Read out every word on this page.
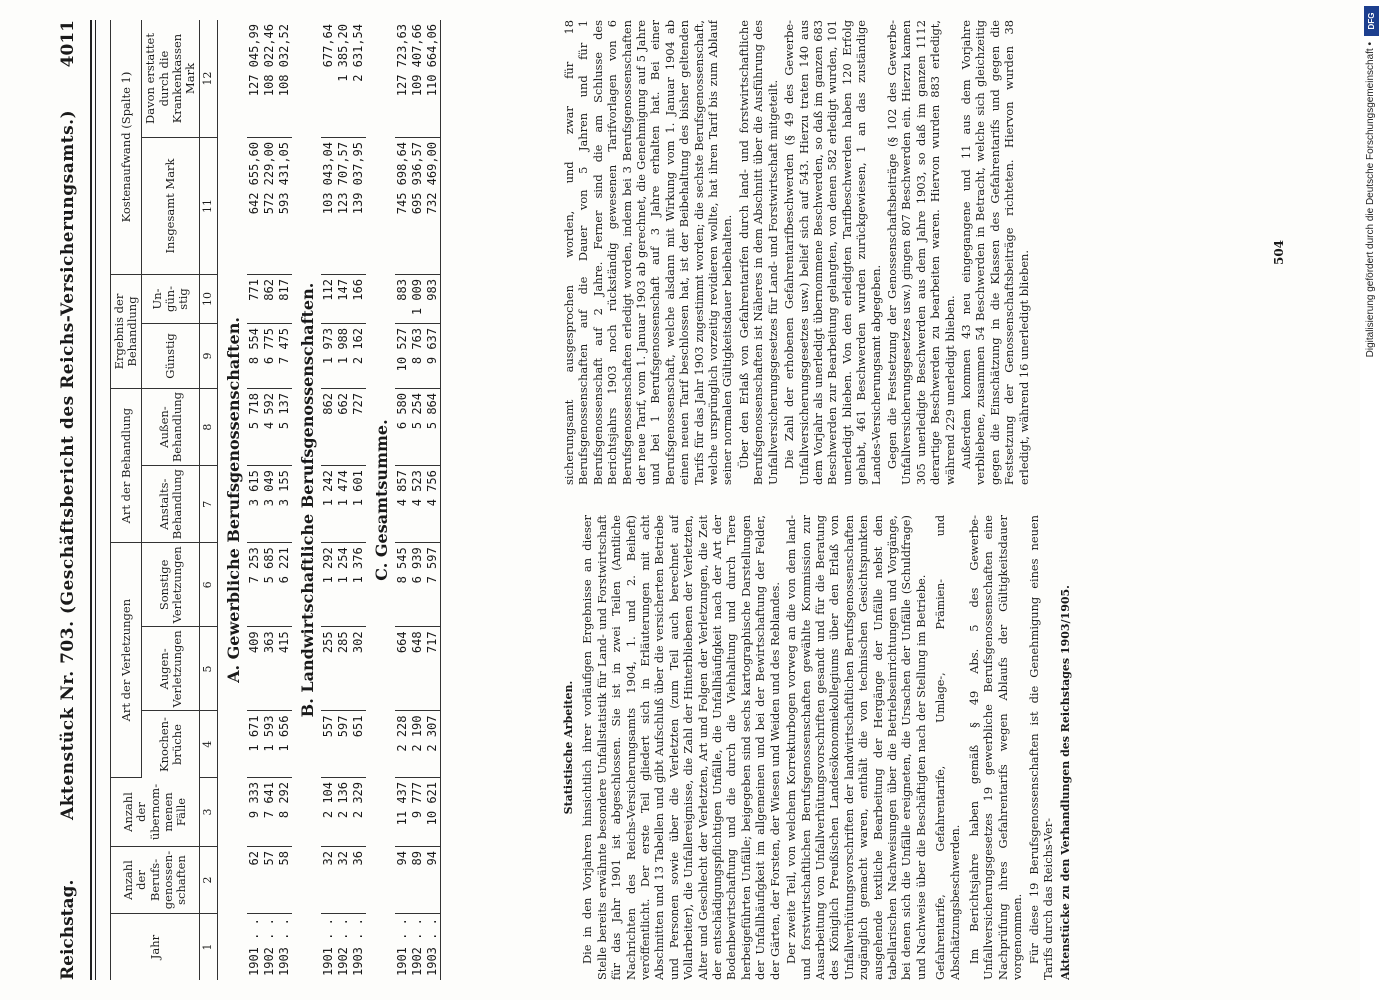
Reichstag.
Aktenstück Nr. 703. (Geschäftsbericht des Reichs-Versicherungsamts.)
4011
Jahr	Anzahl der Berufs- genossen- schaften	Anzahl der übernom- menen Fälle	Art der Verletzungen			Art der Behandlung		Ergebnis der Behandlung		Kostenaufwand (Spalte 1)	
			Knochen- brüche	Augen- Verletzungen	Sonstige Verletzungen	Anstalts- Behandlung	Außen- Behandlung	Günstig	Un- gün- stig	Insgesamt Mark	Davon erstattet durch die Krankenkassen Mark
1	2	3	4	5	6	7	8	9	10	11	12
A. Gewerbliche Berufsgenossenschaften.											
1901 . .	62	9 333	1 671	409	7 253	3 615	5 718	8 554	771	642 655,60	127 045,99
1902 . .	57	7 641	1 593	363	5 685	3 049	4 592	6 775	862	572 229,00	108 022,46
1903 . .	58	8 292	1 656	415	6 221	3 155	5 137	7 475	817	593 431,05	108 032,52
B. Landwirtschaftliche Berufsgenossenschaften.											
1901 . .	32	2 104	557	255	1 292	1 242	862	1 973	112	103 043,04	677,64
1902 . .	32	2 136	597	285	1 254	1 474	662	1 988	147	123 707,57	1 385,20
1903 . .	36	2 329	651	302	1 376	1 601	727	2 162	166	139 037,95	2 631,54
C. Gesamtsumme.											
1901 . .	94	11 437	2 228	664	8 545	4 857	6 580	10 527	883	745 698,64	127 723,63
1902 . .	89	9 777	2 190	648	6 939	4 523	5 254	8 763	1 009	695 936,57	109 407,66
1903 . .	94	10 621	2 307	717	7 597	4 756	5 864	9 637	983	732 469,00	110 664,06

Statistische Arbeiten. Die in den Vorjahren hinsichtlich ihrer vorläufigen Ergebnisse an dieser Stelle bereits erwähnte besondere Unfallstatistik für Land- und Forstwirtschaft für das Jahr 1901 ist abgeschlossen. Sie ist in zwei Teilen (Amtliche Nachrichten des Reichs-Versicherungsamts 1904, 1. und 2. Beiheft) veröffentlicht. Der erste Teil gliedert sich in Erläuterungen mit acht Abschnitten und 13 Tabellen und gibt Aufschluß über die versicherten Betriebe und Personen sowie über die Verletzten (zum Teil auch berechnet auf Vollarbeiter), die Unfallereignisse, die Zahl der Hinterbliebenen der Verletzten, Alter und Geschlecht der Verletzten, Art und Folgen der Verletzungen, die Zeit der entschädigungspflichtigen Unfälle, die Unfallhäufigkeit nach der Art der Bodenbewirtschaftung und die durch die Viehhaltung und durch Tiere herbeigeführten Unfälle; beigegeben sind sechs kartographische Darstellungen der Unfallhäufigkeit im allgemeinen und bei der Bewirtschaftung der Felder, der Gärten, der Forsten, der Wiesen und Weiden und des Reblandes. Der zweite Teil, von welchem Korrekturbogen vorweg an die von dem land- und forstwirtschaftlichen Berufsgenossenschaften gewählte Kommission zur Ausarbeitung von Unfallverhütungsvorschriften gesandt und für die Beratung des Königlich Preußischen Landesökonomiekollegiums über den Erlaß von Unfallverhütungsvorschriften der landwirtschaftlichen Berufsgenossenschaften zugänglich gemacht waren, enthält die von technischen Gesichtspunkten ausgehende textliche Bearbeitung der Hergänge der Unfälle nebst den tabellarischen Nachweisungen über die Betriebseinrichtungen und Vorgänge, bei denen sich die Unfälle ereigneten, die Ursachen der Unfälle (Schuldfrage) und Nachweise über die Beschäftigten nach der Stellung im Betriebe. Gefahrentarife, Gefahrentarife, Umlage-, Prämien- und Abschätzungsbeschwerden. Im Berichtsjahre haben gemäß § 49 Abs. 5 des Gewerbe-Unfallversicherungsgesetzes 19 gewerbliche Berufsgenossenschaften eine Nachprüfung ihres Gefahrentarifs wegen Ablaufs der Gültigkeitsdauer vorgenommen. Für diese 19 Berufsgenossenschaften ist die Genehmigung eines neuen Tarifs durch das Reichs-Ver- Aktenstücke zu den Verhandlungen des Reichstages 1903/1905.

sicherungsamt ausgesprochen worden, und zwar für 18 Berufsgenossenschaften auf die Dauer von 5 Jahren und für 1 Berufsgenossenschaft auf 2 Jahre. Ferner sind die am Schlusse des Berichtsjahrs 1903 noch rückständig gewesenen Tarifvorlagen von 6 Berufsgenossenschaften erledigt worden, indem bei 3 Berufsgenossenschaften der neue Tarif, vom 1. Januar 1903 ab gerechnet, die Genehmigung auf 5 Jahre und bei 1 Berufsgenossenschaft auf 3 Jahre erhalten hat. Bei einer Berufsgenossenschaft, welche alsdann mit Wirkung vom 1. Januar 1904 ab einen neuen Tarif beschlossen hat, ist der Beibehaltung des bisher geltenden Tarifs für das Jahr 1903 zugestimmt worden; die sechste Berufsgenossenschaft, welche ursprünglich vorzeitig revidieren wollte, hat ihren Tarif bis zum Ablauf seiner normalen Gültigkeitsdauer beibehalten. Über den Erlaß von Gefahrentarifen durch land- und forstwirtschaftliche Berufsgenossenschaften ist Näheres in dem Abschnitt über die Ausführung des Unfallversicherungsgesetzes für Land- und Forstwirtschaft mitgeteilt. Die Zahl der erhobenen Gefahrentarifbeschwerden (§ 49 des Gewerbe-Unfallversicherungsgesetzes usw.) belief sich auf 543. Hierzu traten 140 aus dem Vorjahr als unerledigt übernommene Beschwerden, so daß im ganzen 683 Beschwerden zur Bearbeitung gelangten, von denen 582 erledigt wurden, 101 unerledigt blieben. Von den erledigten Tarifbeschwerden haben 120 Erfolg gehabt, 461 Beschwerden wurden zurückgewiesen, 1 an das zuständige Landes-Versicherungsamt abgegeben. Gegen die Festsetzung der Genossenschaftsbeiträge (§ 102 des Gewerbe-Unfallversicherungsgesetzes usw.) gingen 807 Beschwerden ein. Hierzu kamen 305 unerledigte Beschwerden aus dem Jahre 1903, so daß im ganzen 1112 derartige Beschwerden zu bearbeiten waren. Hiervon wurden 883 erledigt, während 229 unerledigt blieben. Außerdem kommen 43 neu eingegangene und 11 aus dem Vorjahre verbliebene, zusammen 54 Beschwerden in Betracht, welche sich gleichzeitig gegen die Einschätzung in die Klassen des Gefahrentarifs und gegen die Festsetzung der Genossenschaftsbeiträge richteten. Hiervon wurden 38 erledigt, während 16 unerledigt blieben.	504	Digitalisierung gefördert durch die Deutsche Forschungsgemeinschaft •
DFG
